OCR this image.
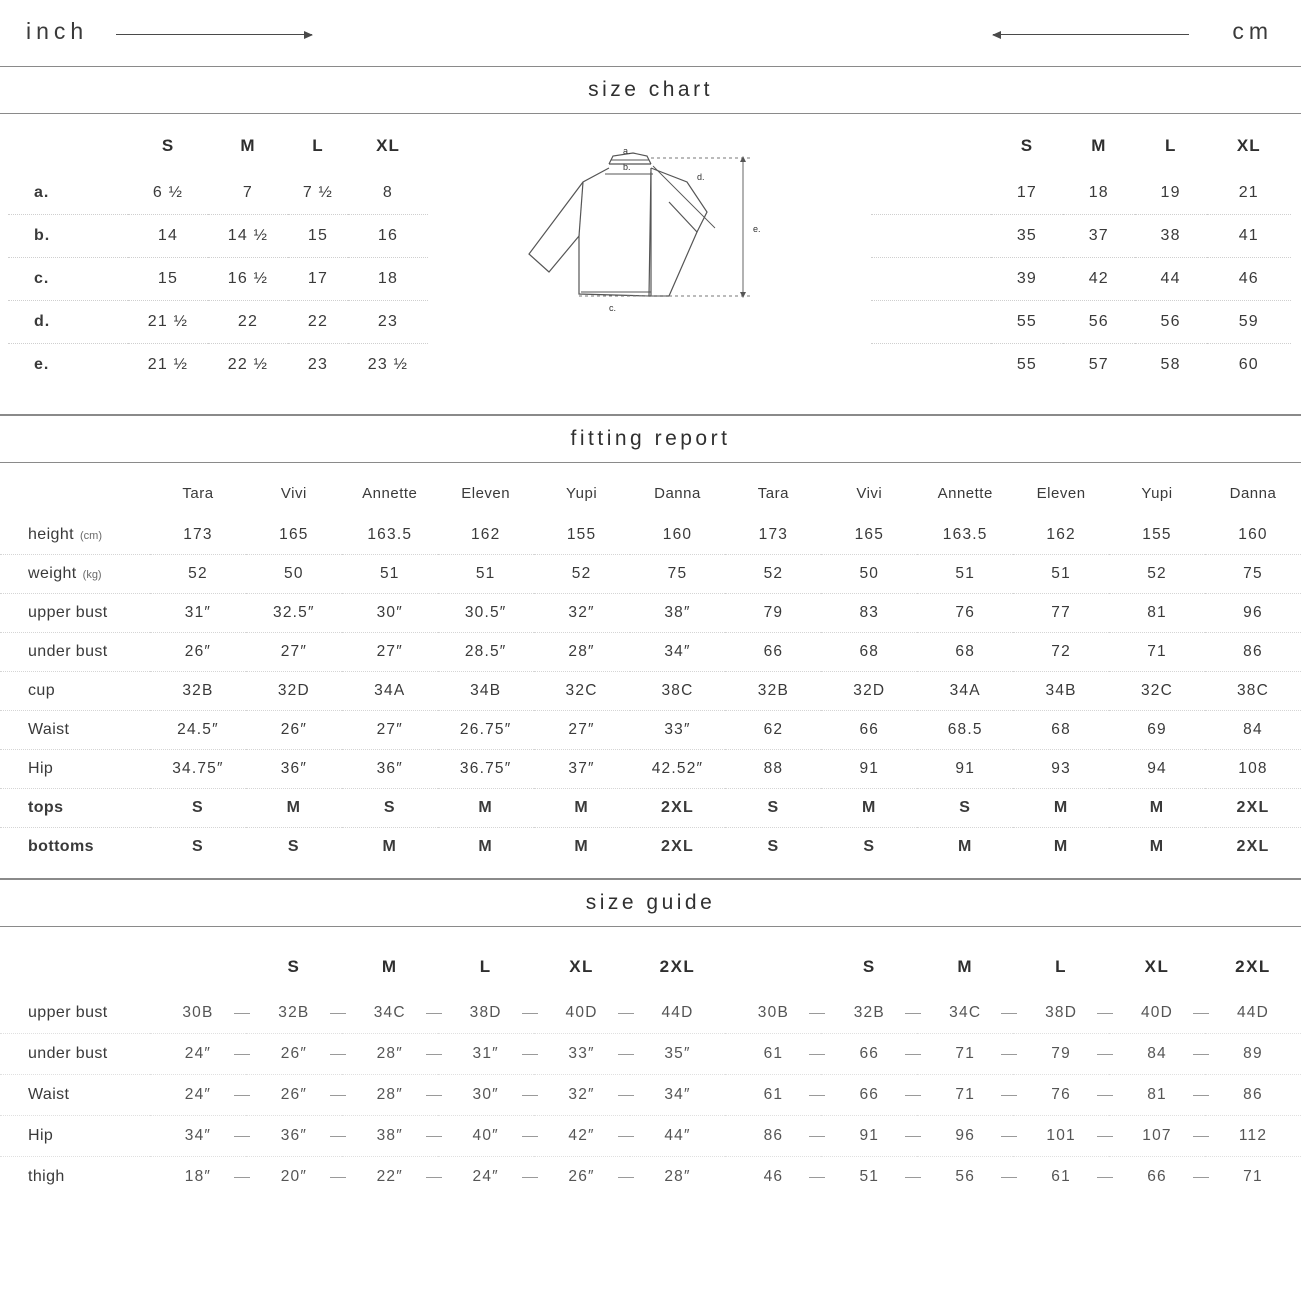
inch	cm
size chart
	S	M	L	XL
a.	6 ½	7	7 ½	8
b.	14	14 ½	15	16
c.	15	16 ½	17	18
d.	21 ½	22	22	23
e.	21 ½	22 ½	23	23 ½
a.
b.
c.
d.
e.
	S	M	L	XL
	17	18	19	21
	35	37	38	41
	39	42	44	46
	55	56	56	59
	55	57	58	60
fitting report
	Tara	Vivi	Annette	Eleven	Yupi	Danna	Tara	Vivi	Annette	Eleven	Yupi	Danna
height (cm)	173	165	163.5	162	155	160	173	165	163.5	162	155	160
weight (kg)	52	50	51	51	52	75	52	50	51	51	52	75
upper bust	31″	32.5″	30″	30.5″	32″	38″	79	83	76	77	81	96
under bust	26″	27″	27″	28.5″	28″	34″	66	68	68	72	71	86
cup	32B	32D	34A	34B	32C	38C	32B	32D	34A	34B	32C	38C
Waist	24.5″	26″	27″	26.75″	27″	33″	62	66	68.5	68	69	84
Hip	34.75″	36″	36″	36.75″	37″	42.52″	88	91	91	93	94	108
tops	S	M	S	M	M	2XL	S	M	S	M	M	2XL
bottoms	S	S	M	M	M	2XL	S	S	M	M	M	2XL
size guide
		S	M	L	XL	2XL		S	M	L	XL	2XL
upper bust	30B	32B	34C	38D	40D	44D	30B	32B	34C	38D	40D	44D
under bust	24″	26″	28″	31″	33″	35″	61	66	71	79	84	89
Waist	24″	26″	28″	30″	32″	34″	61	66	71	76	81	86
Hip	34″	36″	38″	40″	42″	44″	86	91	96	101	107	112
thigh	18″	20″	22″	24″	26″	28″	46	51	56	61	66	71
